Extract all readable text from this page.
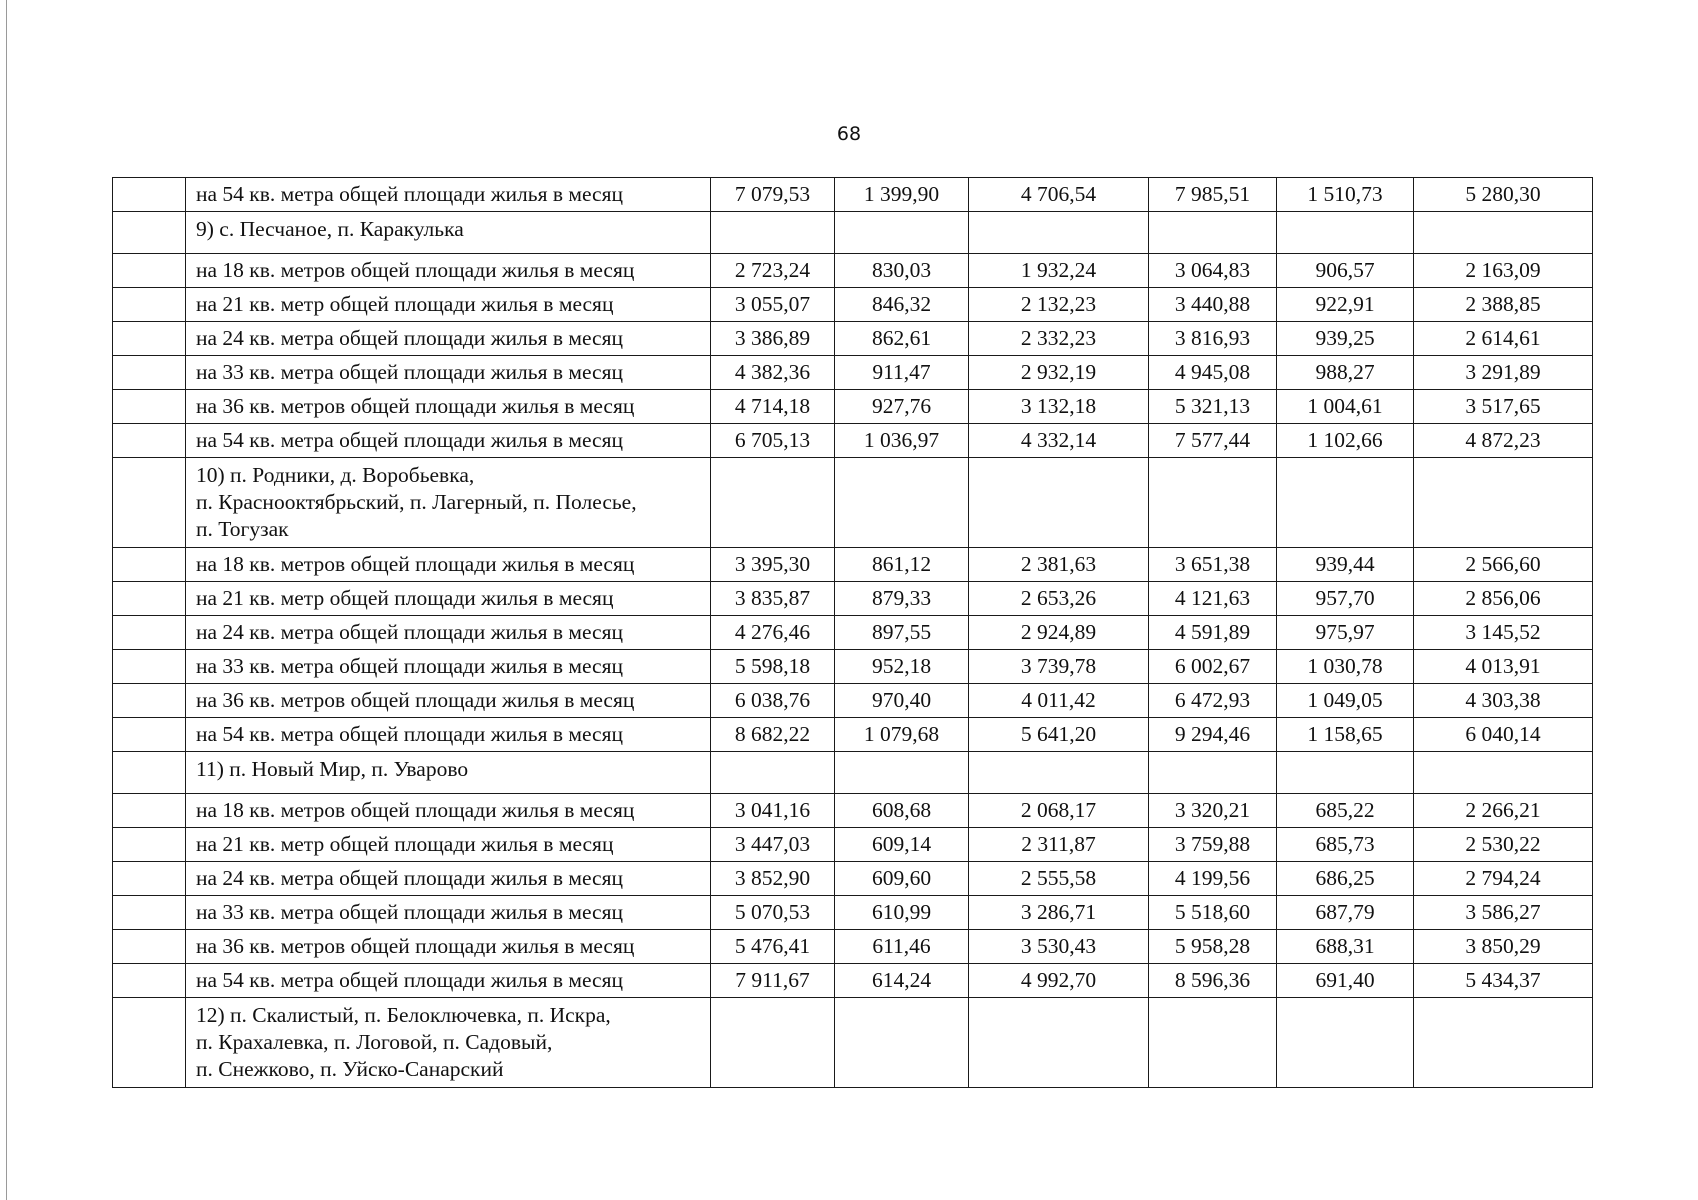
68
	на 54 кв. метра общей площади жилья в месяц	7 079,53	1 399,90	4 706,54	7 985,51	1 510,73	5 280,30

	9) с. Песчаное, п. Каракулька						

	на 18 кв. метров общей площади жилья в месяц	2 723,24	830,03	1 932,24	3 064,83	906,57	2 163,09
	на 21 кв. метр общей площади жилья в месяц	3 055,07	846,32	2 132,23	3 440,88	922,91	2 388,85
	на 24 кв. метра общей площади жилья в месяц	3 386,89	862,61	2 332,23	3 816,93	939,25	2 614,61
	на 33 кв. метра общей площади жилья в месяц	4 382,36	911,47	2 932,19	4 945,08	988,27	3 291,89
	на 36 кв. метров общей площади жилья в месяц	4 714,18	927,76	3 132,18	5 321,13	1 004,61	3 517,65
	на 54 кв. метра общей площади жилья в месяц	6 705,13	1 036,97	4 332,14	7 577,44	1 102,66	4 872,23

	10) п. Родники, д. Воробьевка,
п. Краснооктябрьский, п. Лагерный, п. Полесье,
п. Тогузак						

	на 18 кв. метров общей площади жилья в месяц	3 395,30	861,12	2 381,63	3 651,38	939,44	2 566,60
	на 21 кв. метр общей площади жилья в месяц	3 835,87	879,33	2 653,26	4 121,63	957,70	2 856,06
	на 24 кв. метра общей площади жилья в месяц	4 276,46	897,55	2 924,89	4 591,89	975,97	3 145,52
	на 33 кв. метра общей площади жилья в месяц	5 598,18	952,18	3 739,78	6 002,67	1 030,78	4 013,91
	на 36 кв. метров общей площади жилья в месяц	6 038,76	970,40	4 011,42	6 472,93	1 049,05	4 303,38
	на 54 кв. метра общей площади жилья в месяц	8 682,22	1 079,68	5 641,20	9 294,46	1 158,65	6 040,14

	11) п. Новый Мир, п. Уварово						

	на 18 кв. метров общей площади жилья в месяц	3 041,16	608,68	2 068,17	3 320,21	685,22	2 266,21
	на 21 кв. метр общей площади жилья в месяц	3 447,03	609,14	2 311,87	3 759,88	685,73	2 530,22
	на 24 кв. метра общей площади жилья в месяц	3 852,90	609,60	2 555,58	4 199,56	686,25	2 794,24
	на 33 кв. метра общей площади жилья в месяц	5 070,53	610,99	3 286,71	5 518,60	687,79	3 586,27
	на 36 кв. метров общей площади жилья в месяц	5 476,41	611,46	3 530,43	5 958,28	688,31	3 850,29
	на 54 кв. метра общей площади жилья в месяц	7 911,67	614,24	4 992,70	8 596,36	691,40	5 434,37

	12) п. Скалистый, п. Белоключевка, п. Искра,
п. Крахалевка, п. Логовой, п. Садовый,
п. Снежково, п. Уйско-Санарский						
